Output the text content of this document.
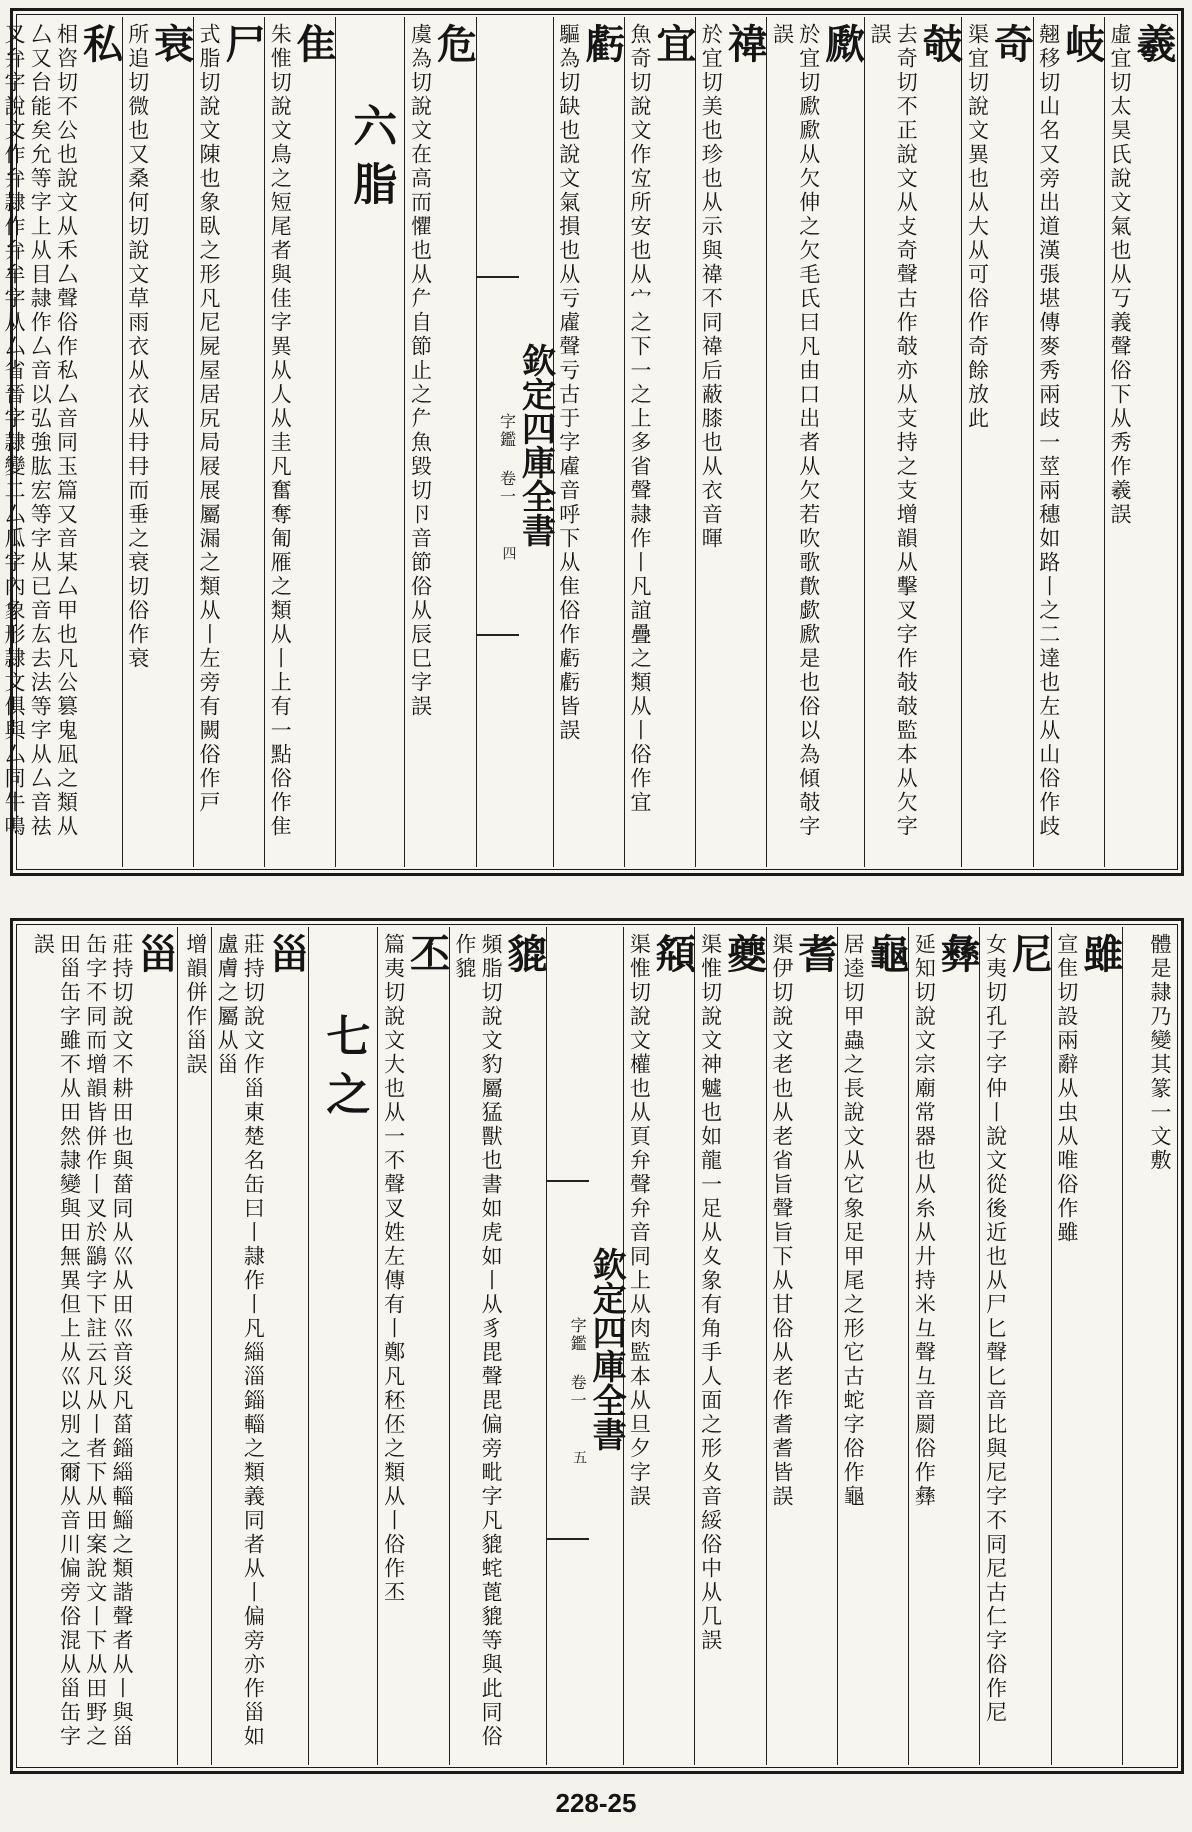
羲
虛宜切太昊氏說文氣也从丂義聲俗下从秀作羲誤
岐
翹移切山名又旁出道漢張堪傳麥秀兩歧一莖兩穗如路丨之二達也左从山俗作歧
奇
渠宜切說文異也从大从可俗作奇餘放此
攲
去奇切不正說文从攴奇聲古作攲亦从支持之支增韻从擊叉字作攲攲監本从欠字誤
歋
於宜切歋歋从欠伸之欠毛氏曰凡由口出者从欠若吹歌歕歔歋是也俗以為傾攲字誤
禕
於宜切美也珍也从示與禕不同禕后蔽膝也从衣音暉
宜
魚奇切說文作宐所安也从宀之下一之上多省聲隷作丨凡誼疊之類从丨俗作宜
虧
驅為切缺也說文氣損也从亏雐聲亏古于字雐音呼下从隹俗作虧虧皆誤
欽定四庫全書
字鑑 卷一
四
危
虞為切說文在高而懼也从厃自節止之厃魚毀切卪音節俗从辰巳字誤
六脂
隹
朱惟切說文鳥之短尾者與佳字異从人从圭凡奮奪匍雁之類从丨上有一點俗作隹
尸
式脂切說文陳也象臥之形凡尼屍屋居尻局屐展屬漏之類从丨左旁有闕俗作戸
衰
所追切微也又桑何切說文草雨衣从衣从冄冄而垂之衰切俗作衰
私
相咨切不公也說文从禾厶聲俗作私厶音同玉篇又音某厶甲也凡公篡鬼凪之類从厶又台能矣允等字上从目隷作厶音以弘強肱宏等字从已音厷去法等字从厶音祛叉弁字說文作弁隷作弁牟字从厶省晉字隷變二厶瓜字內象形隷文俱與厶同牛鳴
體是隷乃變其篆一文敷
雖
宣隹切設兩辭从虫从唯俗作雖
尼
女夷切孔子字仲丨說文從後近也从尸匕聲匕音比與尼字不同尼古仁字俗作尼
彝
延知切說文宗廟常器也从糸从廾持米彑聲彑音罽俗作彝
龜
居逵切甲蟲之長說文从它象足甲尾之形它古蛇字俗作龜
耆
渠伊切說文老也从老省旨聲旨下从甘俗从老作耆耆皆誤
夔
渠惟切說文神魖也如龍一足从夊象有角手人面之形夊音綏俗中从几誤
頯
渠惟切說文權也从頁弁聲弁音同上从肉監本从旦夕字誤
欽定四庫全書
字鑑 卷一
五
貔
頻脂切說文豹屬猛獸也書如虎如丨从豸毘聲毘偏旁毗字凡貔䖳蓖貔等與此同俗作貔
丕
篇夷切說文大也从一不聲叉姓左傳有丨鄭凡秠伾之類从丨俗作丕
七之
甾
莊持切說文作甾東楚名缶曰丨隷作丨凡緇淄錙輜之類義同者从丨偏旁亦作甾如盧膚之屬从甾
增韻併作甾誤
甾
莊持切說文不耕田也與葘同从巛从田巛音災凡菑錙緇輜鯔之類諧聲者从丨與甾缶字不同而增韻皆併作丨叉於鶅字下註云凡从丨者下从田案說文丨下从田野之田甾缶字雖不从田然隷變與田無異但上从巛以別之爾从音川偏旁俗混从甾缶字誤
228-25
